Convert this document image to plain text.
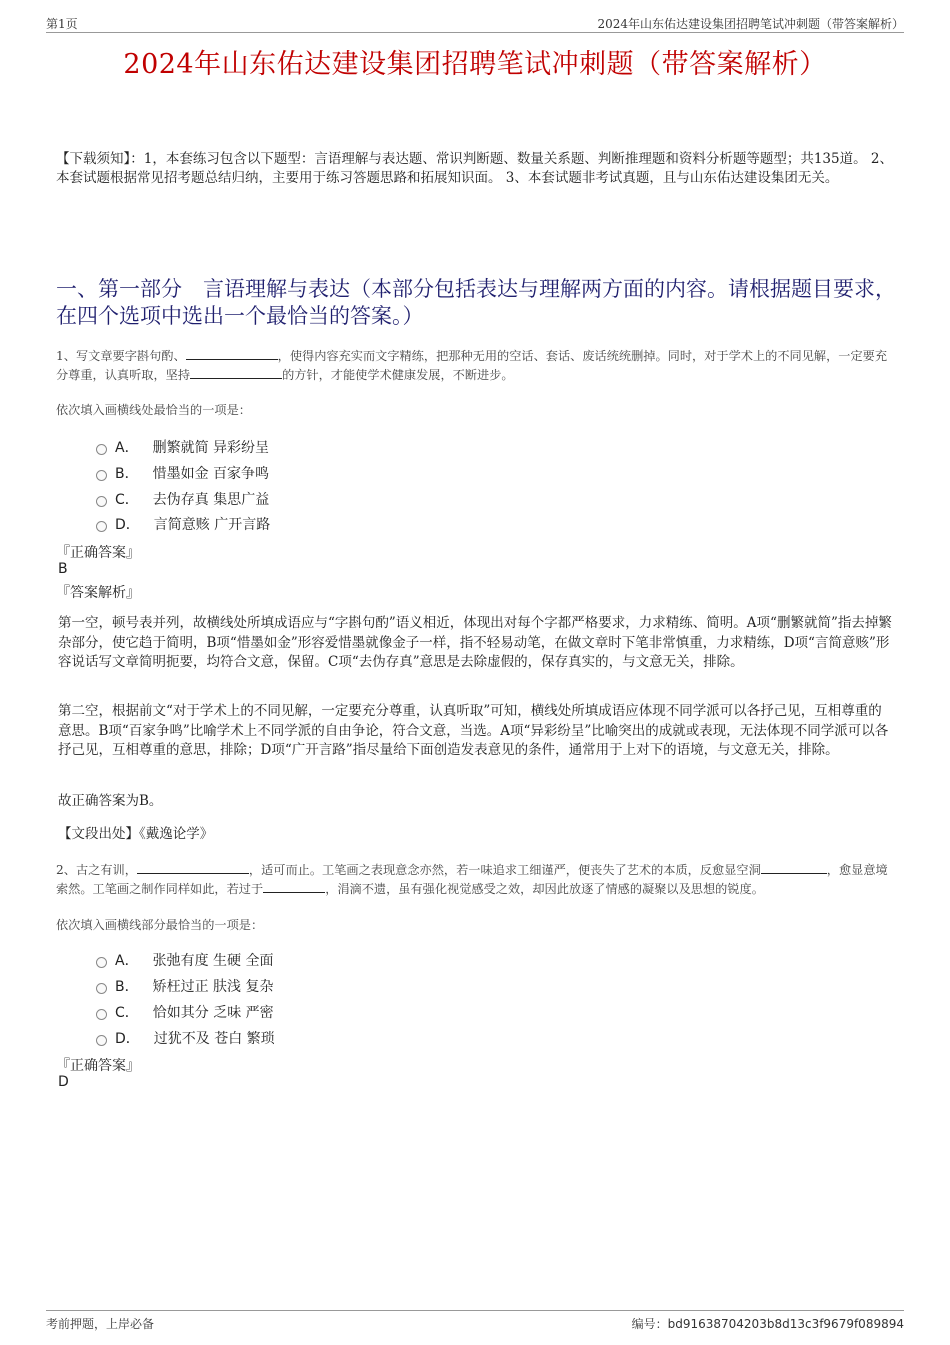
第1页	2024年山东佑达建设集团招聘笔试冲刺题（带答案解析）
2024年山东佑达建设集团招聘笔试冲刺题（带答案解析）
【下载须知】：1，本套练习包含以下题型：言语理解与表达题、常识判断题、数量关系题、判断推理题和资料分析题等题型；共135道。 2、本套试题根据常见招考题总结归纳，主要用于练习答题思路和拓展知识面。 3、本套试题非考试真题，且与山东佑达建设集团无关。
一、第一部分　言语理解与表达（本部分包括表达与理解两方面的内容。请根据题目要求，在四个选项中选出一个最恰当的答案。）
1、写文章要字斟句酌、	，使得内容充实而文字精练，把那种无用的空话、套话、废话统统删掉。同时，对于学术上的不同见解，一定要充分尊重，认真听取，坚持	的方针，才能使学术健康发展，不断进步。
依次填入画横线处最恰当的一项是：
A． 删繁就简 异彩纷呈
B． 惜墨如金 百家争鸣
C． 去伪存真 集思广益
D． 言简意赅 广开言路
『正确答案』
B
『答案解析』
第一空，顿号表并列，故横线处所填成语应与“字斟句酌”语义相近，体现出对每个字都严格要求，力求精练、简明。A项“删繁就简”指去掉繁杂部分，使它趋于简明，B项“惜墨如金”形容爱惜墨就像金子一样，指不轻易动笔，在做文章时下笔非常慎重，力求精练，D项“言简意赅”形容说话写文章简明扼要，均符合文意，保留。C项“去伪存真”意思是去除虚假的，保存真实的，与文意无关，排除。
第二空，根据前文“对于学术上的不同见解，一定要充分尊重，认真听取”可知，横线处所填成语应体现不同学派可以各抒己见，互相尊重的意思。B项“百家争鸣”比喻学术上不同学派的自由争论，符合文意，当选。A项“异彩纷呈”比喻突出的成就或表现，无法体现不同学派可以各抒己见，互相尊重的意思，排除；D项“广开言路”指尽量给下面创造发表意见的条件，通常用于上对下的语境，与文意无关，排除。
故正确答案为B。
【文段出处】《戴逸论学》
2、古之有训，	，适可而止。工笔画之表现意念亦然，若一味追求工细谨严，便丧失了艺术的本质，反愈显空洞	，愈显意境索然。工笔画之制作同样如此，若过于	，涓滴不遗，虽有强化视觉感受之效，却因此放逐了情感的凝聚以及思想的锐度。
依次填入画横线部分最恰当的一项是：
A． 张弛有度 生硬 全面
B． 矫枉过正 肤浅 复杂
C． 恰如其分 乏味 严密
D． 过犹不及 苍白 繁琐
『正确答案』
D
考前押题，上岸必备	编号：bd91638704203b8d13c3f9679f089894
